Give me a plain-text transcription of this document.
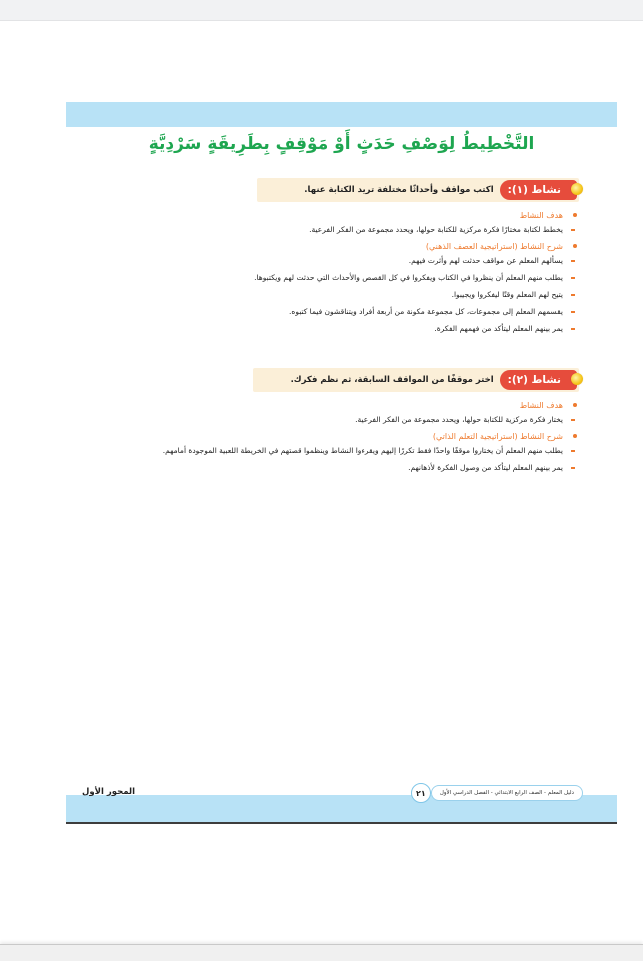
التَّخْطِيطُ لِوَصْفِ حَدَثٍ أَوْ مَوْقِفٍ بِطَرِيقَةٍ سَرْدِيَّةٍ
نشاط (١):
اكتب مواقف وأحداثًا مختلفة تريد الكتابة عنها.
هدف النشاط
يخطط لكتابة مختارًا فكرة مركزية للكتابة حولها، ويحدد مجموعة من الفكر الفرعية.
شرح النشاط (استراتيجية العصف الذهني)
يسألهم المعلم عن مواقف حدثت لهم وأثرت فيهم.
يطلب منهم المعلم أن ينظروا في الكتاب ويفكروا في كل القصص والأحداث التي حدثت لهم ويكتبوها.
يتيح لهم المعلم وقتًا ليفكروا ويجيبوا.
يقسمهم المعلم إلى مجموعات، كل مجموعة مكونة من أربعة أفراد ويتناقشون فيما كتبوه.
يمر بينهم المعلم ليتأكد من فهمهم الفكرة.
نشاط (٢):
اختر موقفًا من المواقف السابقة، ثم نظم فكرك.
هدف النشاط
يختار فكرة مركزية للكتابة حولها، ويحدد مجموعة من الفكر الفرعية.
شرح النشاط (استراتيجية التعلم الذاتي)
يطلب منهم المعلم أن يختاروا موقفًا واحدًا فقط تكررًا إليهم ويقرءوا النشاط وينظموا قصتهم في الخريطة اللعبية الموجودة أمامهم.
يمر بينهم المعلم ليتأكد من وصول الفكرة لأذهانهم.
المحور الأول	٢١	دليل المعلم - الصف الرابع الابتدائي - الفصل الدراسي الأول
